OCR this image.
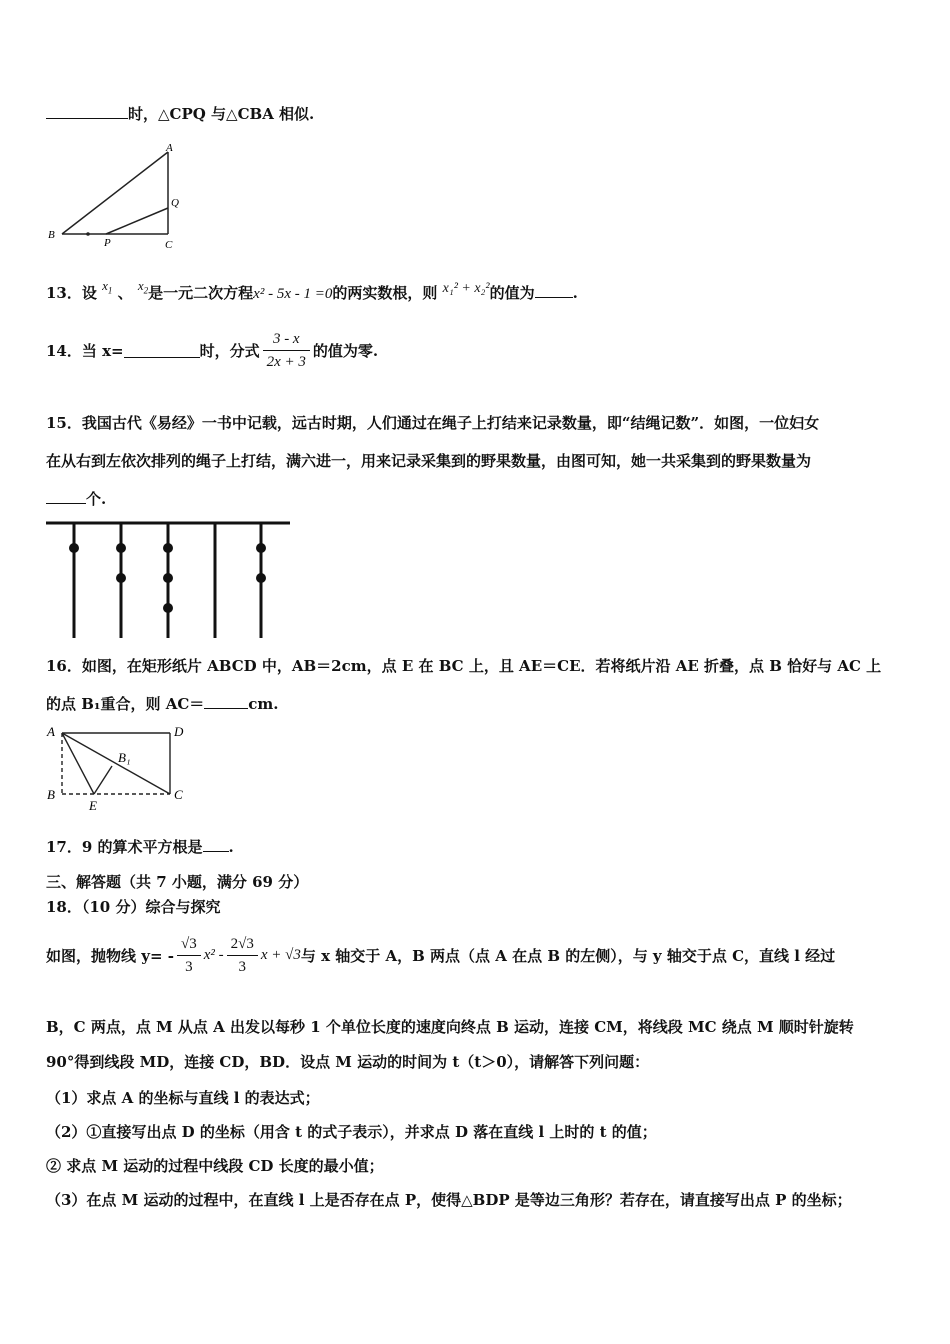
时，△CPQ 与△CBA 相似.
A
B
C
P
Q
13．设 $x_1$ 、 $x_2$是一元二次方程x² - 5x - 1 =0的两实数根，则 x₁² + x₂²的值为	.
14．当 x=	时，分式 $\frac{3 - x}{2x + 3}$ 的值为零.
15．我国古代《易经》一书中记载，远古时期，人们通过在绳子上打结来记录数量，即“结绳记数”．如图，一位妇女
在从右到左依次排列的绳子上打结，满六进一，用来记录采集到的野果数量，由图可知，她一共采集到的野果数量为
个.
16．如图，在矩形纸片 ABCD 中，AB＝2cm，点 E 在 BC 上，且 AE＝CE．若将纸片沿 AE 折叠，点 B 恰好与 AC 上
的点 B₁重合，则 AC＝	cm.
A	D
B	C
E
B₁
17．9 的算术平方根是 .
三、解答题（共 7 小题，满分 69 分）
18．（10 分）综合与探究
如图，抛物线 $y= - \frac{√3}{3} x^2 - \frac{2√3}{3}$ x + √3与 x 轴交于 A，B 两点（点 A 在点 B 的左侧），与 y 轴交于点 C，直线 l 经过
B，C 两点，点 M 从点 A 出发以每秒 1 个单位长度的速度向终点 B 运动，连接 CM，将线段 MC 绕点 M 顺时针旋转
90°得到线段 MD，连接 CD，BD．设点 M 运动的时间为 t（t＞0），请解答下列问题：
（1）求点 A 的坐标与直线 l 的表达式；
（2）①直接写出点 D 的坐标（用含 t 的式子表示），并求点 D 落在直线 l 上时的 t 的值；
② 求点 M 运动的过程中线段 CD 长度的最小值；
（3）在点 M 运动的过程中，在直线 l 上是否存在点 P，使得△BDP 是等边三角形？若存在，请直接写出点 P 的坐标；
